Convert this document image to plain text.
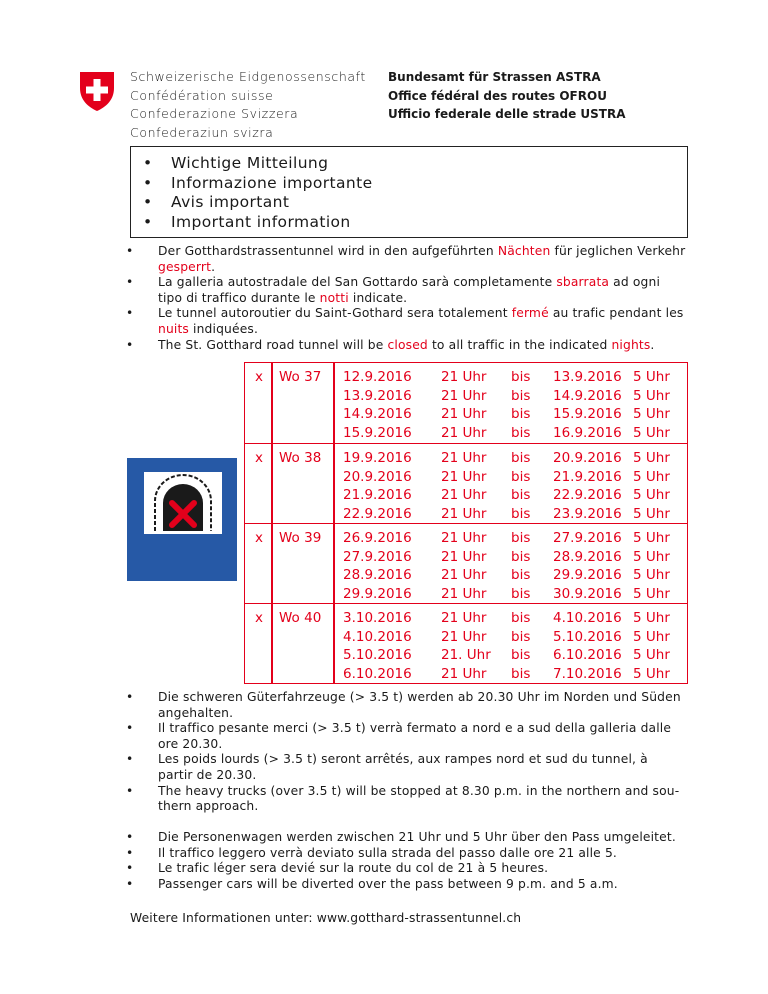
Schweizerische Eidgenossenschaft
Confédération suisse
Confederazione Svizzera
Confederaziun svizra
Bundesamt für Strassen ASTRA
Office fédéral des routes OFROU
Ufficio federale delle strade USTRA
• Wichtige Mitteilung
• Informazione importante
• Avis important
• Important information
• Der Gotthardstrassentunnel wird in den aufgeführten Nächten für jeglichen Verkehr gesperrt.
• La galleria autostradale del San Gottardo sarà completamente sbarrata ad ogni tipo di traffico durante le notti indicate.
• Le tunnel autoroutier du Saint-Gothard sera totalement fermé au trafic pendant les nuits indiquées.
• The St. Gotthard road tunnel will be closed to all traffic in the indicated nights.
x Wo 37 12.9.2016 21 Uhr bis 13.9.2016 5 Uhr
13.9.2016 21 Uhr bis 14.9.2016 5 Uhr
14.9.2016 21 Uhr bis 15.9.2016 5 Uhr
15.9.2016 21 Uhr bis 16.9.2016 5 Uhr
x Wo 38 19.9.2016 21 Uhr bis 20.9.2016 5 Uhr
20.9.2016 21 Uhr bis 21.9.2016 5 Uhr
21.9.2016 21 Uhr bis 22.9.2016 5 Uhr
22.9.2016 21 Uhr bis 23.9.2016 5 Uhr
x Wo 39 26.9.2016 21 Uhr bis 27.9.2016 5 Uhr
27.9.2016 21 Uhr bis 28.9.2016 5 Uhr
28.9.2016 21 Uhr bis 29.9.2016 5 Uhr
29.9.2016 21 Uhr bis 30.9.2016 5 Uhr
x Wo 40 3.10.2016 21 Uhr bis 4.10.2016 5 Uhr
4.10.2016 21 Uhr bis 5.10.2016 5 Uhr
5.10.2016 21. Uhr bis 6.10.2016 5 Uhr
6.10.2016 21 Uhr bis 7.10.2016 5 Uhr
• Die schweren Güterfahrzeuge (> 3.5 t) werden ab 20.30 Uhr im Norden und Süden angehalten.
• Il traffico pesante merci (> 3.5 t) verrà fermato a nord e a sud della galleria dalle ore 20.30.
• Les poids lourds (> 3.5 t) seront arrêtés, aux rampes nord et sud du tunnel, à partir de 20.30.
• The heavy trucks (over 3.5 t) will be stopped at 8.30 p.m. in the northern and sou-thern approach.
• Die Personenwagen werden zwischen 21 Uhr und 5 Uhr über den Pass umgeleitet.
• Il traffico leggero verrà deviato sulla strada del passo dalle ore 21 alle 5.
• Le trafic léger sera devié sur la route du col de 21 à 5 heures.
• Passenger cars will be diverted over the pass between 9 p.m. and 5 a.m.
Weitere Informationen unter: www.gotthard-strassentunnel.ch
